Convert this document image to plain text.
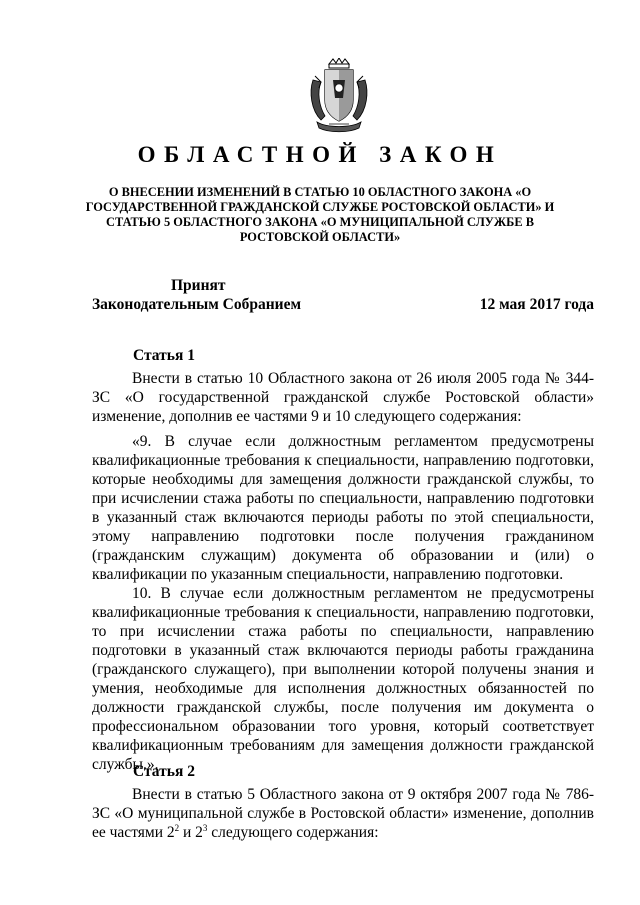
ОБЛАСТНОЙ ЗАКОН
О ВНЕСЕНИИ ИЗМЕНЕНИЙ В СТАТЬЮ 10 ОБЛАСТНОГО ЗАКОНА «О ГОСУДАРСТВЕННОЙ ГРАЖДАНСКОЙ СЛУЖБЕ РОСТОВСКОЙ ОБЛАСТИ» И СТАТЬЮ 5 ОБЛАСТНОГО ЗАКОНА «О МУНИЦИПАЛЬНОЙ СЛУЖБЕ В РОСТОВСКОЙ ОБЛАСТИ»
Принят
Законодательным Собранием	12 мая 2017 года
Статья 1
Внести в статью 10 Областного закона от 26 июля 2005 года № 344-ЗС «О государственной гражданской службе Ростовской области» изменение, дополнив ее частями 9 и 10 следующего содержания:
«9. В случае если должностным регламентом предусмотрены квалификационные требования к специальности, направлению подготовки, которые необходимы для замещения должности гражданской службы, то при исчислении стажа работы по специальности, направлению подготовки в указанный стаж включаются периоды работы по этой специальности, этому направлению подготовки после получения гражданином (гражданским служащим) документа об образовании и (или) о квалификации по указанным специальности, направлению подготовки.
10. В случае если должностным регламентом не предусмотрены квалификационные требования к специальности, направлению подготовки, то при исчислении стажа работы по специальности, направлению подготовки в указанный стаж включаются периоды работы гражданина (гражданского служащего), при выполнении которой получены знания и умения, необходимые для исполнения должностных обязанностей по должности гражданской службы, после получения им документа о профессиональном образовании того уровня, который соответствует квалификационным требованиям для замещения должности гражданской службы.».
Статья 2
Внести в статью 5 Областного закона от 9 октября 2007 года № 786-ЗС «О муниципальной службе в Ростовской области» изменение, дополнив ее частями $2^2$ и $2^3$ следующего содержания:
